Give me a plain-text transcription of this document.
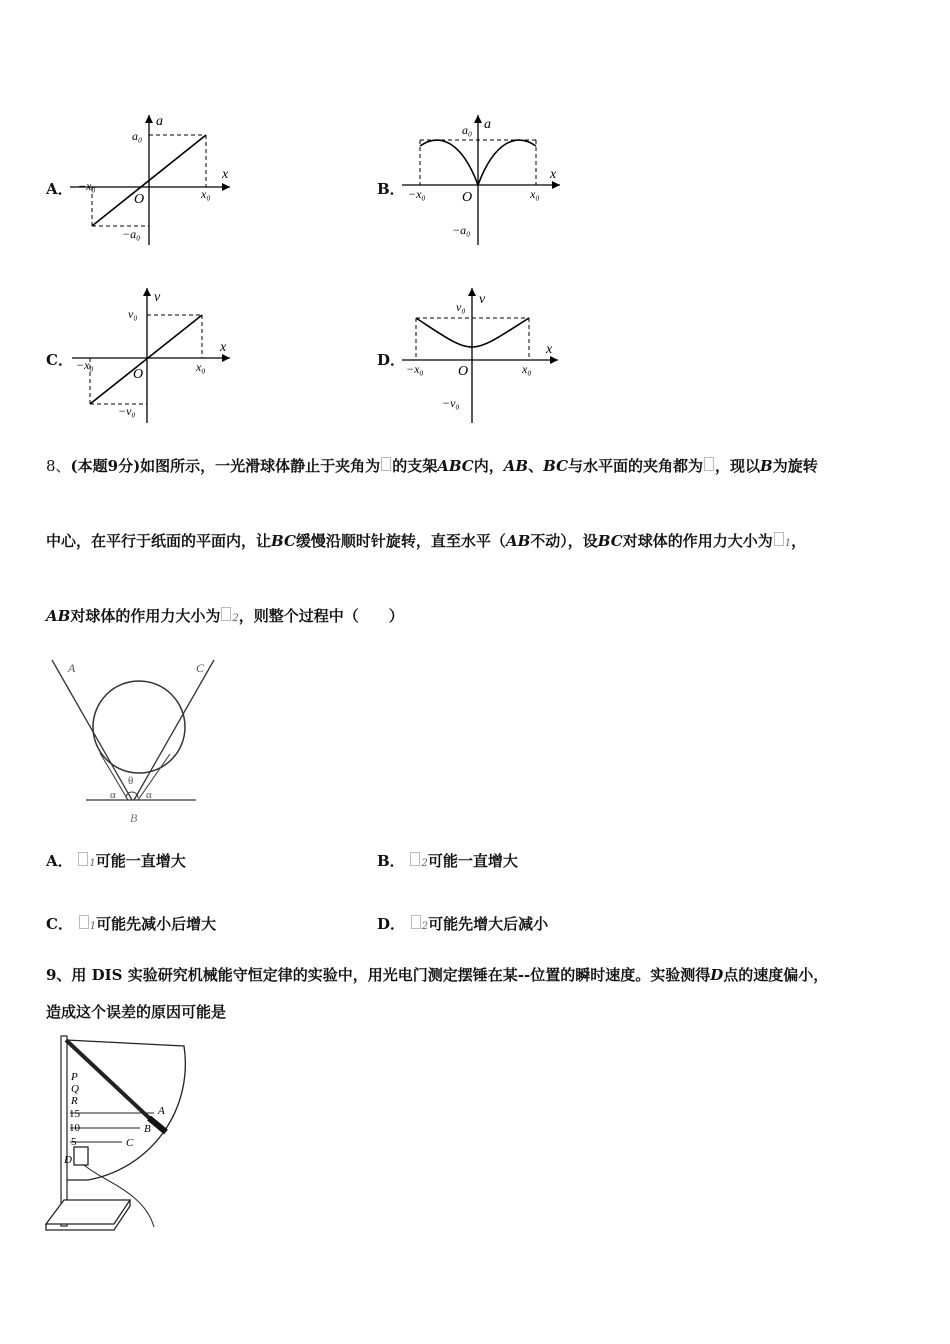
A．
a
x
O
a₀
−a₀
x₀
−x₀	B．
a
x
O
a₀
−a₀
x₀
−x₀
C．
v
x
O
v₀
−v₀
x₀
−x₀	D．
v
x
O
v₀
−v₀
x₀
−x₀
8、(本题9分)如图所示，一光滑球体静止于夹角为 的支架ABC内，AB、BC与水平面的夹角都为 ，现以B为旋转
中心，在平行于纸面的平面内，让BC缓慢沿顺时针旋转，直至水平（AB不动），设BC对球体的作用力大小为 1，
AB对球体的作用力大小为 2，则整个过程中（　　）
A	C
B
θ
α	α
A． 1可能一直增大	B． 2可能一直增大
C． 1可能先减小后增大	D． 2可能先增大后减小
9、用 DIS 实验研究机械能守恒定律的实验中，用光电门测定摆锤在某--位置的瞬时速度。实验测得D点的速度偏小，
造成这个误差的原因可能是
P
Q
R
15
10
5
D
A
B
C
